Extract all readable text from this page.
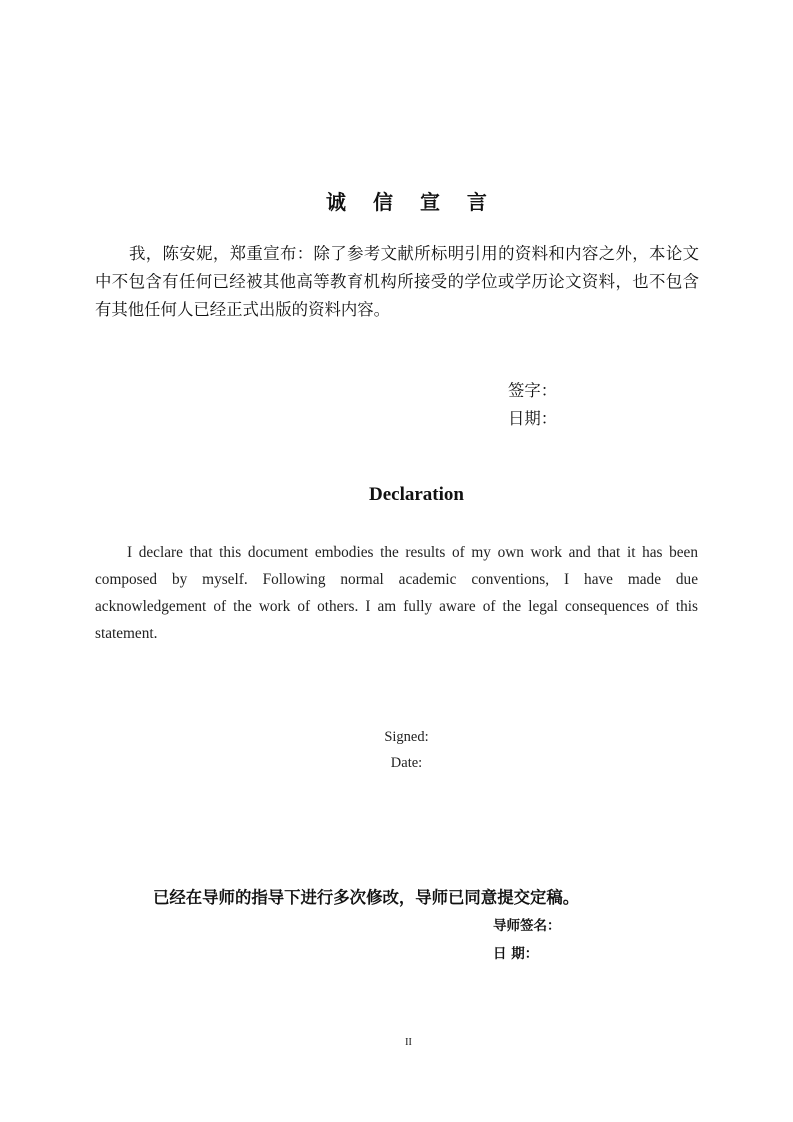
诚 信 宣 言
我，陈安妮，郑重宣布：除了参考文献所标明引用的资料和内容之外，本论文中不包含有任何已经被其他高等教育机构所接受的学位或学历论文资料，也不包含有其他任何人已经正式出版的资料内容。
签字：
日期：
Declaration
I declare that this document embodies the results of my own work and that it has been composed by myself. Following normal academic conventions, I have made due acknowledgement of the work of others. I am fully aware of the legal consequences of this statement.
Signed:
Date:
已经在导师的指导下进行多次修改，导师已同意提交定稿。
导师签名：
日 期：
II
